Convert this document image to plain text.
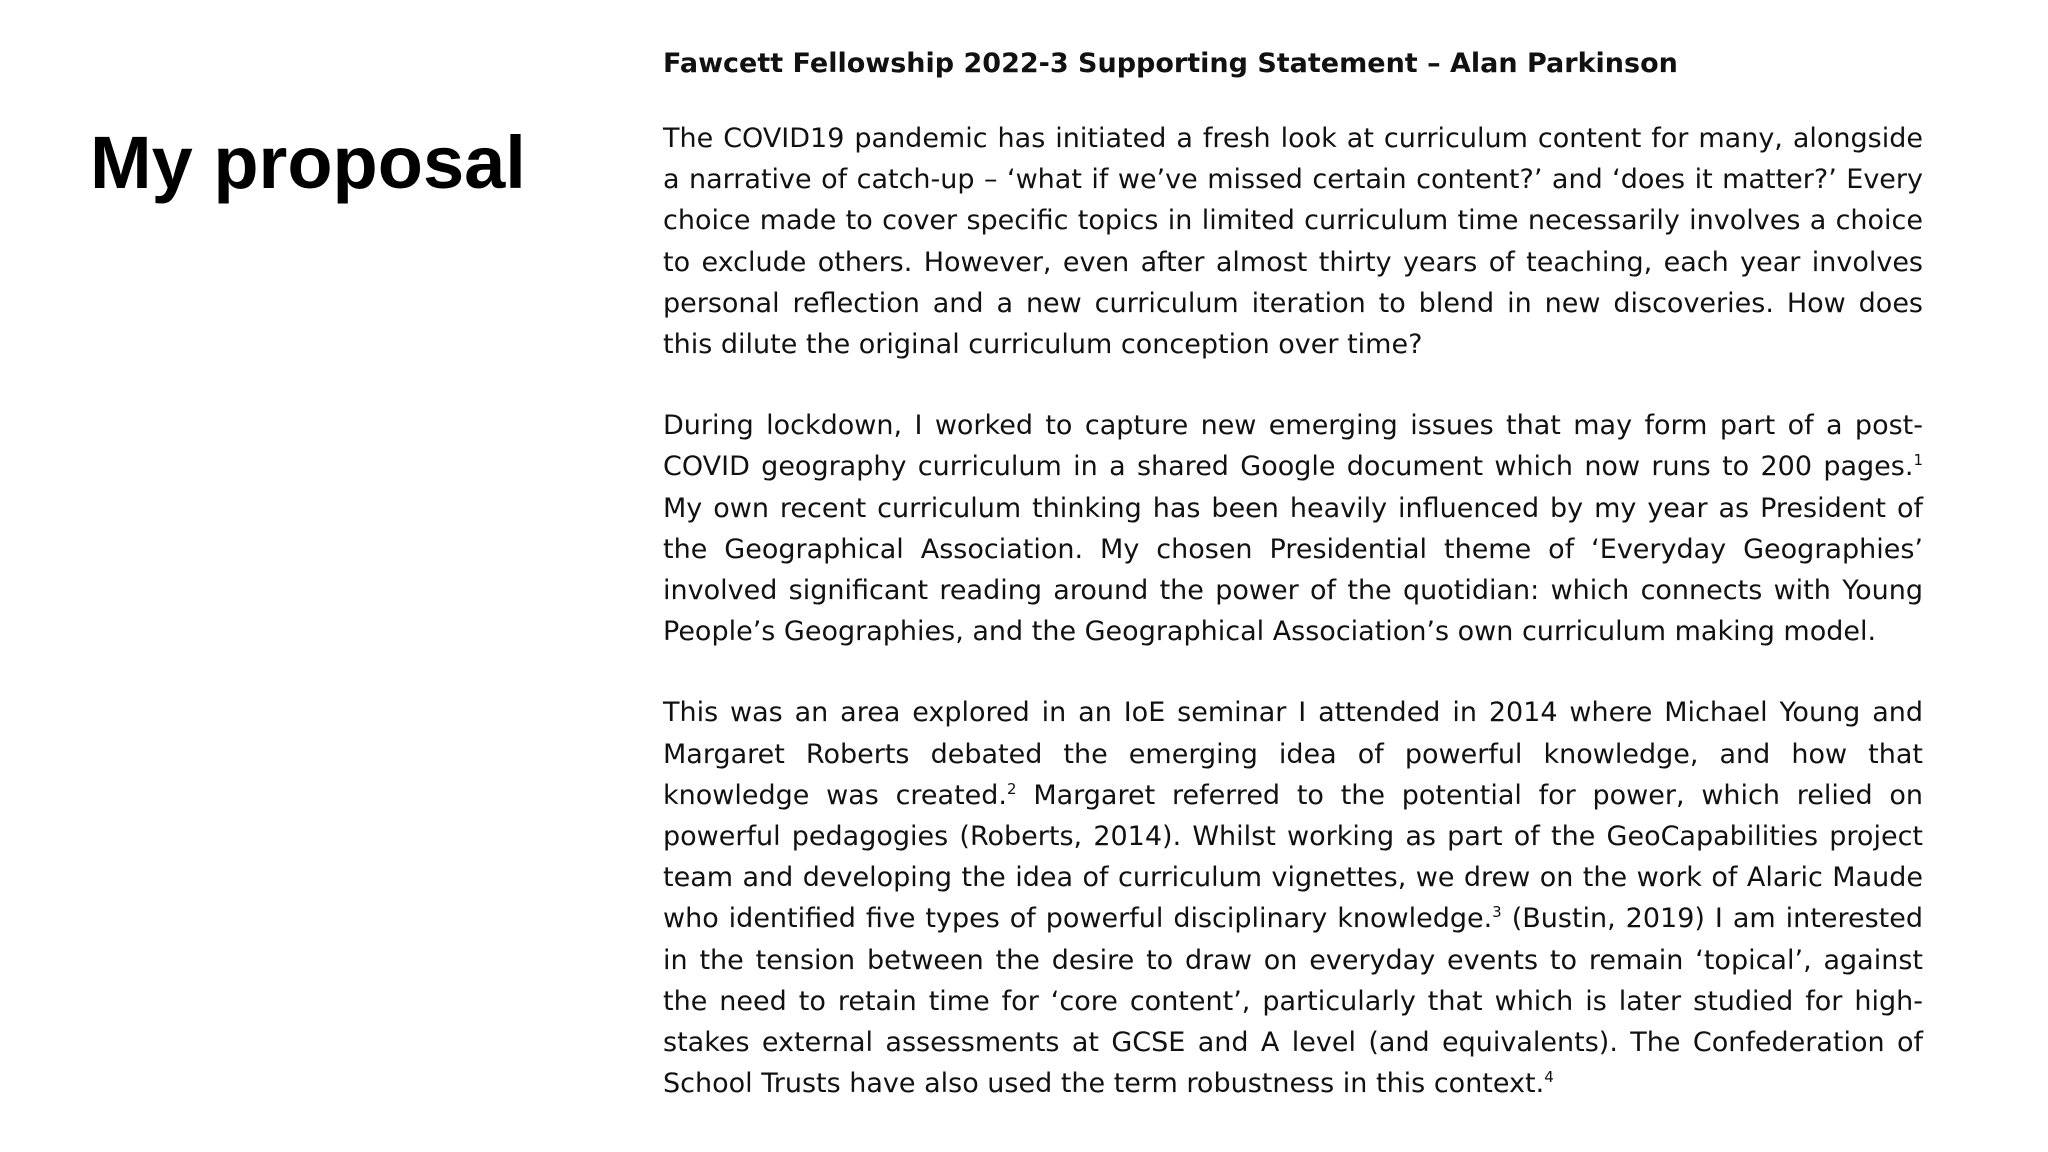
My proposal

Fawcett Fellowship 2022-3 Supporting Statement – Alan Parkinson

The COVID19 pandemic has initiated a fresh look at curriculum content for many, alongside a narrative of catch-up – ‘what if we’ve missed certain content?’ and ‘does it matter?’ Every choice made to cover specific topics in limited curriculum time necessarily involves a choice to exclude others. However, even after almost thirty years of teaching, each year involves personal reflection and a new curriculum iteration to blend in new discoveries. How does this dilute the original curriculum conception over time?

During lockdown, I worked to capture new emerging issues that may form part of a post-COVID geography curriculum in a shared Google document which now runs to 200 pages.$^1$ My own recent curriculum thinking has been heavily influenced by my year as President of the Geographical Association. My chosen Presidential theme of ‘Everyday Geographies’ involved significant reading around the power of the quotidian: which connects with Young People’s Geographies, and the Geographical Association’s own curriculum making model.

This was an area explored in an IoE seminar I attended in 2014 where Michael Young and Margaret Roberts debated the emerging idea of powerful knowledge, and how that knowledge was created.$^2$ Margaret referred to the potential for power, which relied on powerful pedagogies (Roberts, 2014). Whilst working as part of the GeoCapabilities project team and developing the idea of curriculum vignettes, we drew on the work of Alaric Maude who identified five types of powerful disciplinary knowledge.$^3$ (Bustin, 2019) I am interested in the tension between the desire to draw on everyday events to remain ‘topical’, against the need to retain time for ‘core content’, particularly that which is later studied for high-stakes external assessments at GCSE and A level (and equivalents). The Confederation of School Trusts have also used the term robustness in this context.$^4$
